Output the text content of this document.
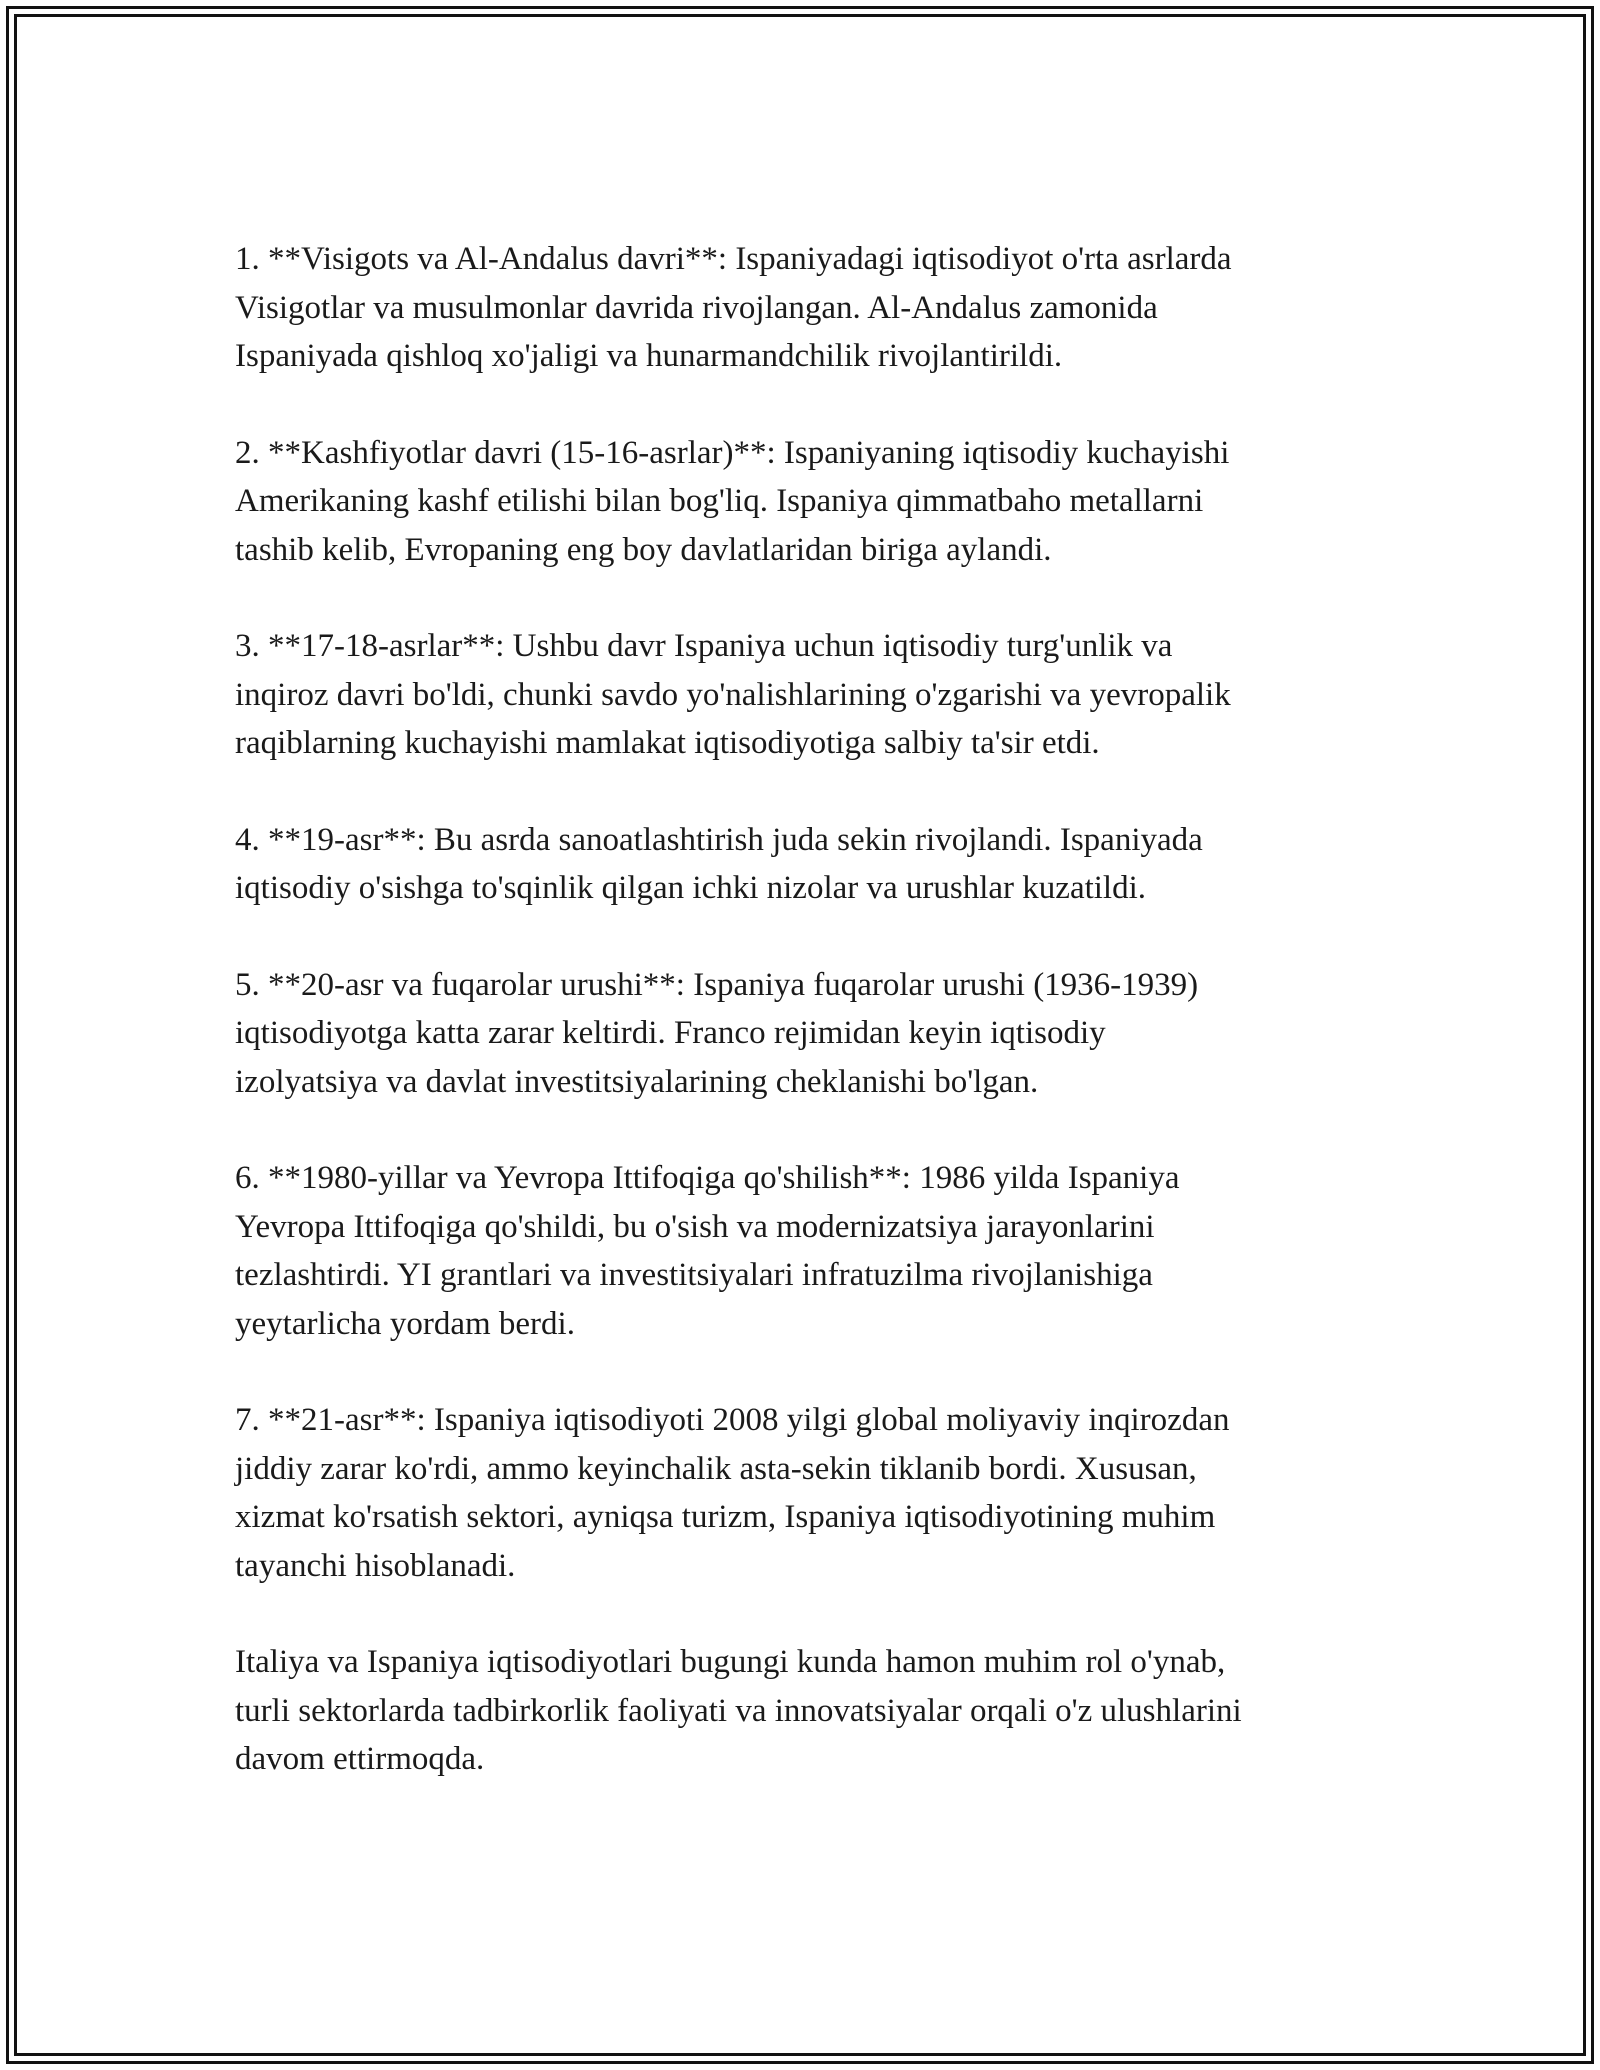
1. **Visigots va Al-Andalus davri**: Ispaniyadagi iqtisodiyot o'rta asrlarda
Visigotlar va musulmonlar davrida rivojlangan. Al-Andalus zamonida
Ispaniyada qishloq xo'jaligi va hunarmandchilik rivojlantirildi.

2. **Kashfiyotlar davri (15-16-asrlar)**: Ispaniyaning iqtisodiy kuchayishi
Amerikaning kashf etilishi bilan bog'liq. Ispaniya qimmatbaho metallarni
tashib kelib, Evropaning eng boy davlatlaridan biriga aylandi.

3. **17-18-asrlar**: Ushbu davr Ispaniya uchun iqtisodiy turg'unlik va
inqiroz davri bo'ldi, chunki savdo yo'nalishlarining o'zgarishi va yevropalik
raqiblarning kuchayishi mamlakat iqtisodiyotiga salbiy ta'sir etdi.

4. **19-asr**: Bu asrda sanoatlashtirish juda sekin rivojlandi. Ispaniyada
iqtisodiy o'sishga to'sqinlik qilgan ichki nizolar va urushlar kuzatildi.

5. **20-asr va fuqarolar urushi**: Ispaniya fuqarolar urushi (1936-1939)
iqtisodiyotga katta zarar keltirdi. Franco rejimidan keyin iqtisodiy
izolyatsiya va davlat investitsiyalarining cheklanishi bo'lgan.

6. **1980-yillar va Yevropa Ittifoqiga qo'shilish**: 1986 yilda Ispaniya
Yevropa Ittifoqiga qo'shildi, bu o'sish va modernizatsiya jarayonlarini
tezlashtirdi. YI grantlari va investitsiyalari infratuzilma rivojlanishiga
yeytarlicha yordam berdi.

7. **21-asr**: Ispaniya iqtisodiyoti 2008 yilgi global moliyaviy inqirozdan
jiddiy zarar ko'rdi, ammo keyinchalik asta-sekin tiklanib bordi. Xususan,
xizmat ko'rsatish sektori, ayniqsa turizm, Ispaniya iqtisodiyotining muhim
tayanchi hisoblanadi.

Italiya va Ispaniya iqtisodiyotlari bugungi kunda hamon muhim rol o'ynab,
turli sektorlarda tadbirkorlik faoliyati va innovatsiyalar orqali o'z ulushlarini
davom ettirmoqda.
